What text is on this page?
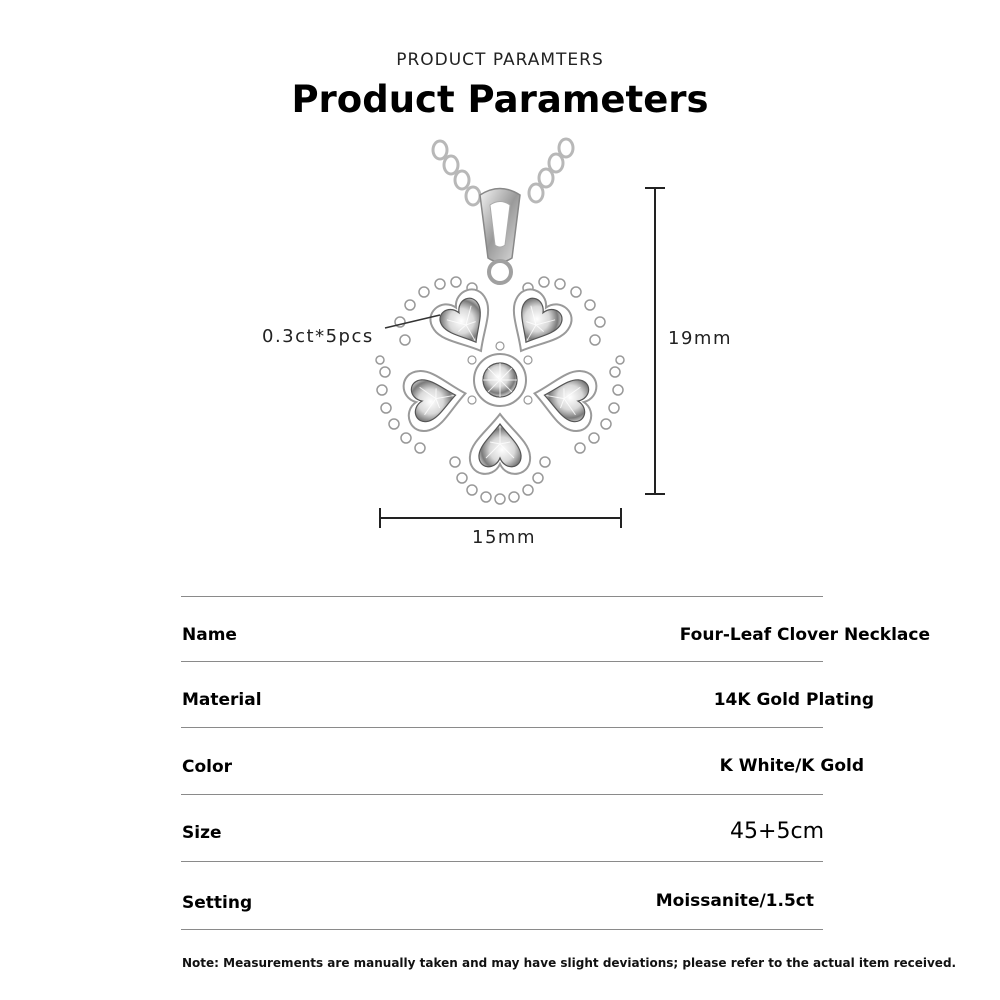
PRODUCT PARAMTERS
Product Parameters
0.3ct*5pcs	19mm
15mm
Name	Four-Leaf Clover Necklace
Material	14K Gold Plating
Color	K White/K Gold
Size	45+5cm
Setting	Moissanite/1.5ct
Note: Measurements are manually taken and may have slight deviations; please refer to the actual item received.
